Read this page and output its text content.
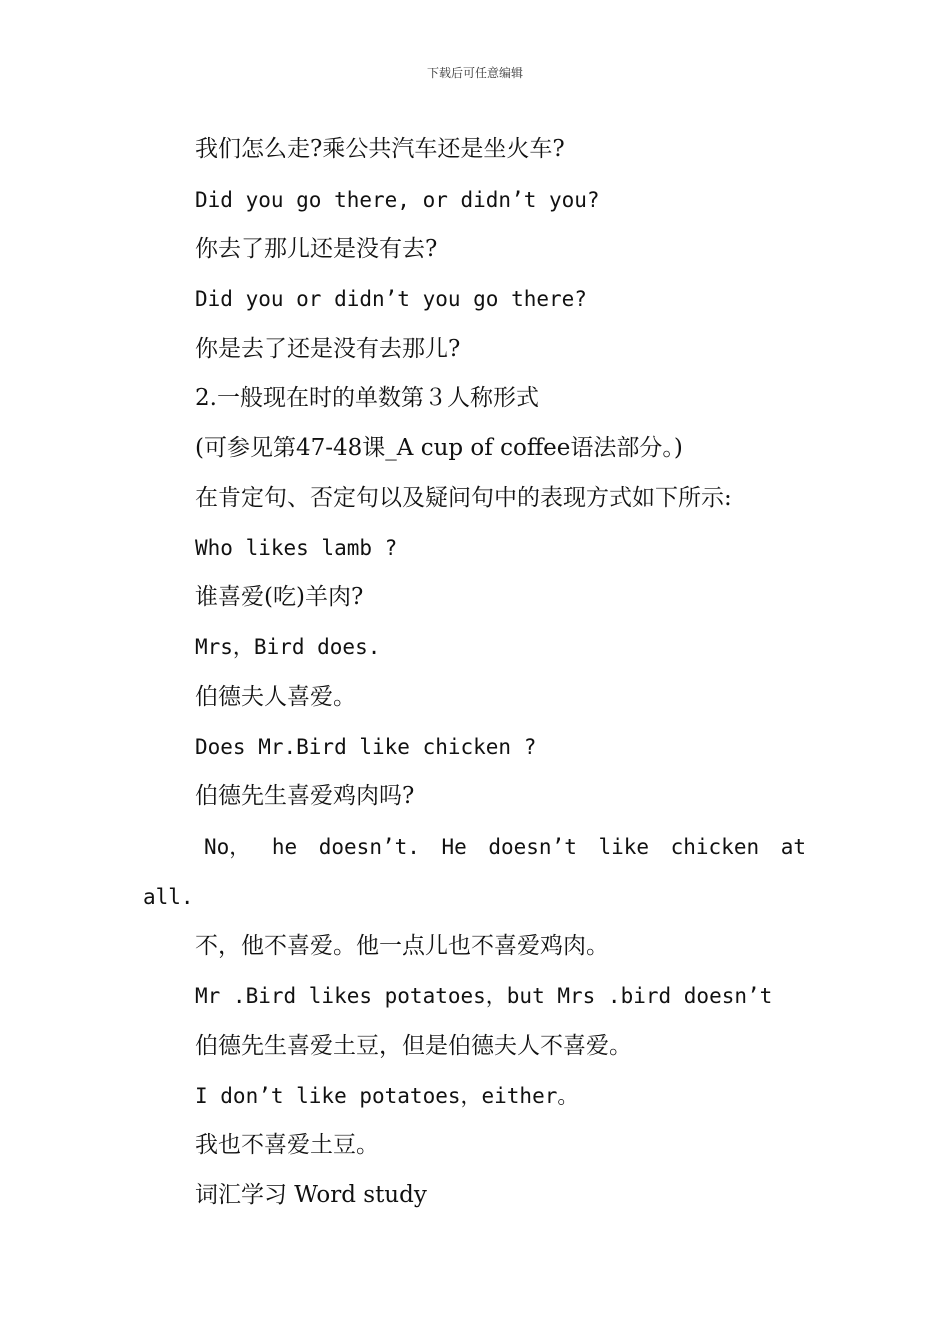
下载后可任意编辑
我们怎么走?乘公共汽车还是坐火车?
Did you go there, or didn’t you?
你去了那儿还是没有去?
Did you or didn’t you go there?
你是去了还是没有去那儿?
2.一般现在时的单数第３人称形式
(可参见第47-48课_A cup of coffee语法部分。)
在肯定句、否定句以及疑问句中的表现方式如下所示:
Who likes lamb ?
谁喜爱(吃)羊肉?
Mrs，Bird does.
伯德夫人喜爱。
Does Mr.Bird like chicken ?
伯德先生喜爱鸡肉吗?
No， he doesn’t. He doesn’t like chicken at
all.
不，他不喜爱。他一点儿也不喜爱鸡肉。
Mr .Bird likes potatoes，but Mrs .bird doesn’t
伯德先生喜爱土豆，但是伯德夫人不喜爱。
I don’t like potatoes，either。
我也不喜爱土豆。
词汇学习 Word study
